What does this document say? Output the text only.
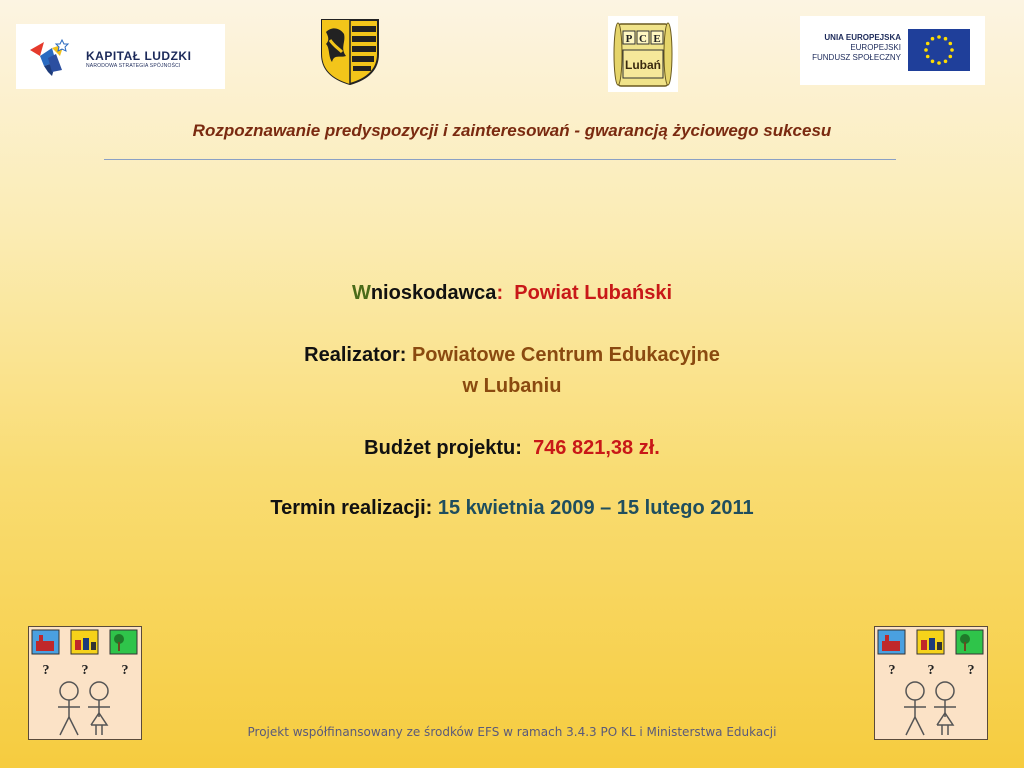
KAPITAŁ LUDZKI
NARODOWA STRATEGIA SPÓJNOŚCI
P C E
Lubań
UNIA EUROPEJSKA
EUROPEJSKI
FUNDUSZ SPOŁECZNY
Rozpoznawanie predyspozycji i zainteresowań - gwarancją życiowego sukcesu
Wnioskodawca: Powiat Lubański
Realizator: Powiatowe Centrum Edukacyjne
w Lubaniu
Budżet projektu: 746 821,38 zł.
Termin realizacji: 15 kwietnia 2009 – 15 lutego 2011
? ? ?	? ? ?
Projekt współfinansowany ze środków EFS w ramach 3.4.3 PO KL i Ministerstwa Edukacji
